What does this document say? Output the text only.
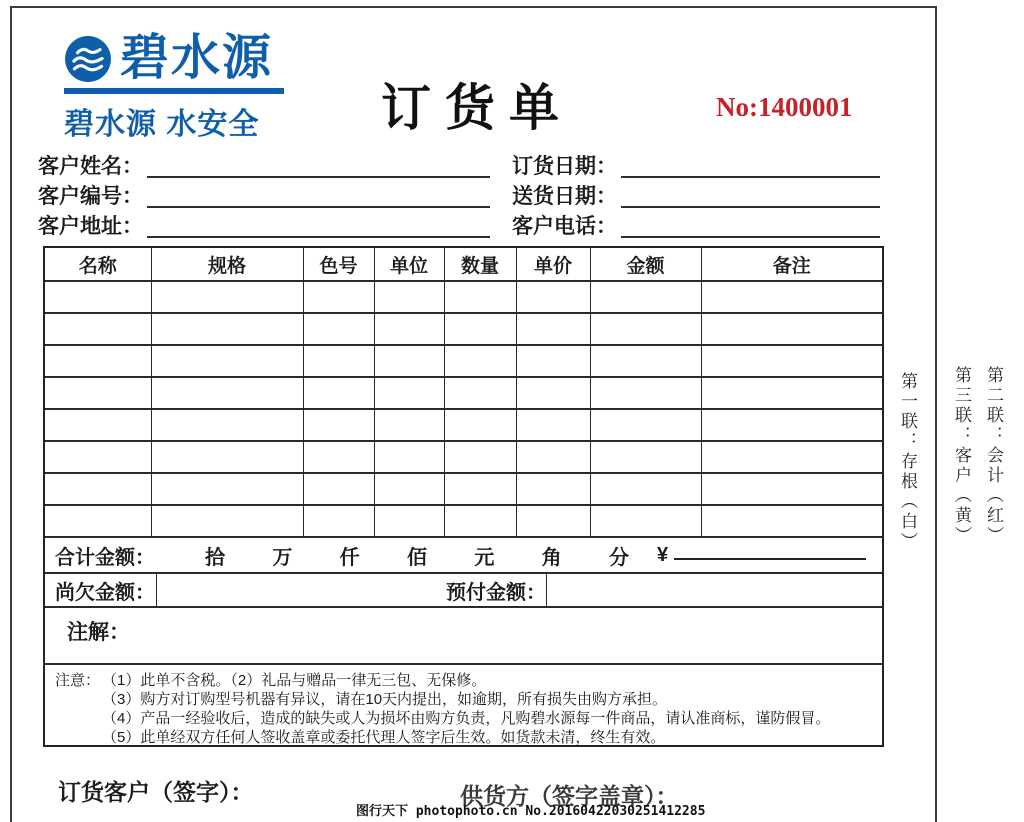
碧水源
碧水源 水安全	订货单	No:1400001
客户姓名：
客户编号：
客户地址：
订货日期：
送货日期：
客户电话：
名称	规格	色号	单位	数量	单价	金额	备注

合计金额：	拾 万 仟 佰 元 角 分 ¥
尚欠金额：	预付金额：
注解：
注意： （1）此单不含税。（2）礼品与赠品一律无三包、无保修。
（3）购方对订购型号机器有异议，请在10天内提出，如逾期，所有损失由购方承担。
（4）产品一经验收后，造成的缺失或人为损坏由购方负责，凡购碧水源每一件商品，请认准商标，谨防假冒。
（5）此单经双方任何人签收盖章或委托代理人签字后生效。如货款未清，终生有效。
订货客户（签字）：	供货方（签字盖章）：
图行天下 photophoto.cn No.20160422030251412285
第一联：存根（白）	第二联：会计（红）
第三联：客户（黄）
